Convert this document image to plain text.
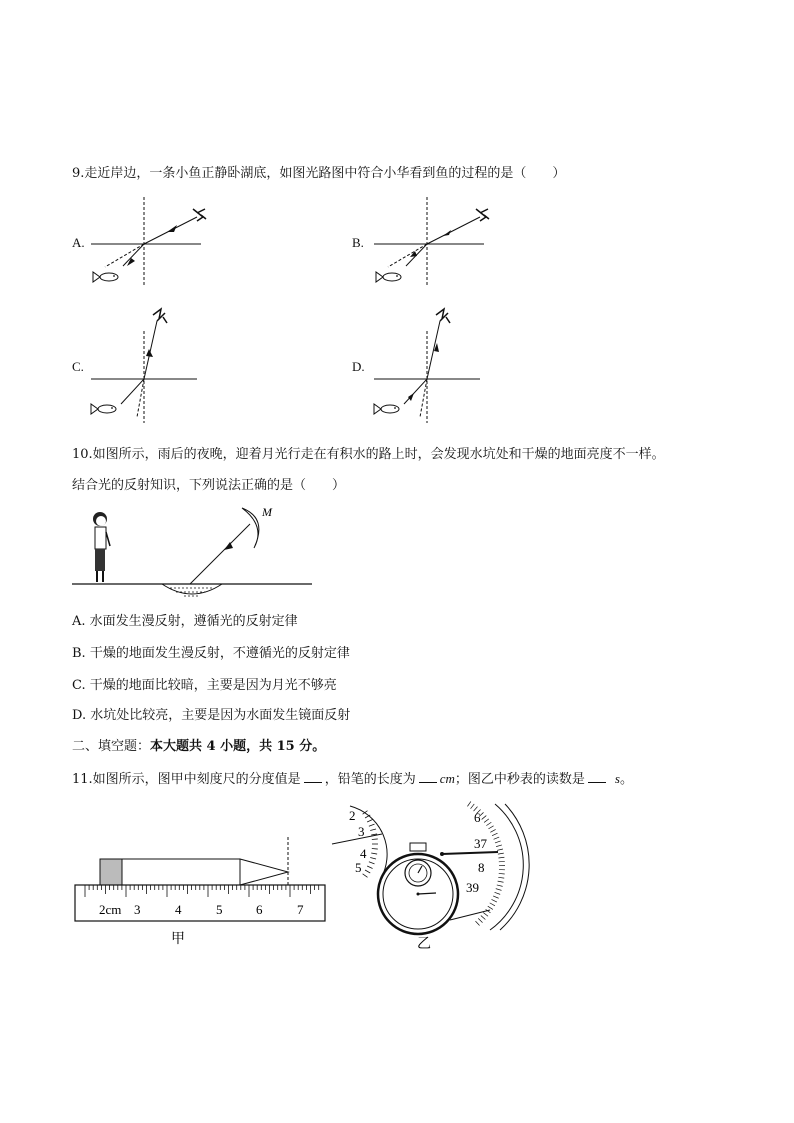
9.走近岸边，一条小鱼正静卧湖底，如图光路图中符合小华看到鱼的过程的是（　　）
A.	B.
C.	D.
10.如图所示，雨后的夜晚，迎着月光行走在有积水的路上时，会发现水坑处和干燥的地面亮度不一样。
结合光的反射知识，下列说法正确的是（　　）
M
A. 水面发生漫反射，遵循光的反射定律
B. 干燥的地面发生漫反射，不遵循光的反射定律
C. 干燥的地面比较暗，主要是因为月光不够亮
D. 水坑处比较亮，主要是因为水面发生镜面反射
二、填空题：本大题共 4 小题，共 15 分。
11.如图所示，图甲中刻度尺的分度值是 ，铅笔的长度为 cm；图乙中秒表的读数是 s。
2cm 3	4	5	6	7
甲
2
3
4
5
6
37
8
39
乙
